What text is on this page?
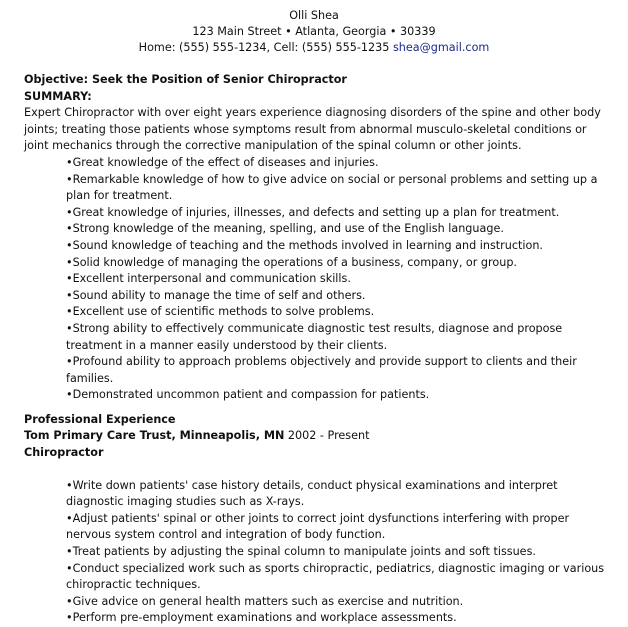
Olli Shea
123 Main Street • Atlanta, Georgia • 30339
Home: (555) 555-1234, Cell: (555) 555-1235 shea@gmail.com
Objective: Seek the Position of Senior Chiropractor
SUMMARY:

Expert Chiropractor with over eight years experience diagnosing disorders of the spine and other body joints; treating those patients whose symptoms result from abnormal musculo-skeletal conditions or joint mechanics through the corrective manipulation of the spinal column or other joints.

•Great knowledge of the effect of diseases and injuries.
•Remarkable knowledge of how to give advice on social or personal problems and setting up a plan for treatment.
•Great knowledge of injuries, illnesses, and defects and setting up a plan for treatment.
•Strong knowledge of the meaning, spelling, and use of the English language.
•Sound knowledge of teaching and the methods involved in learning and instruction.
•Solid knowledge of managing the operations of a business, company, or group.
•Excellent interpersonal and communication skills.
•Sound ability to manage the time of self and others.
•Excellent use of scientific methods to solve problems.
•Strong ability to effectively communicate diagnostic test results, diagnose and propose treatment in a manner easily understood by their clients.
•Profound ability to approach problems objectively and provide support to clients and their families.
•Demonstrated uncommon patient and compassion for patients.
Professional Experience
Tom Primary Care Trust, Minneapolis, MN 2002 - Present
Chiropractor
•Write down patients' case history details, conduct physical examinations and interpret diagnostic imaging studies such as X-rays.
•Adjust patients' spinal or other joints to correct joint dysfunctions interfering with proper nervous system control and integration of body function.
•Treat patients by adjusting the spinal column to manipulate joints and soft tissues.
•Conduct specialized work such as sports chiropractic, pediatrics, diagnostic imaging or various chiropractic techniques.
•Give advice on general health matters such as exercise and nutrition.
•Perform pre-employment examinations and workplace assessments.
